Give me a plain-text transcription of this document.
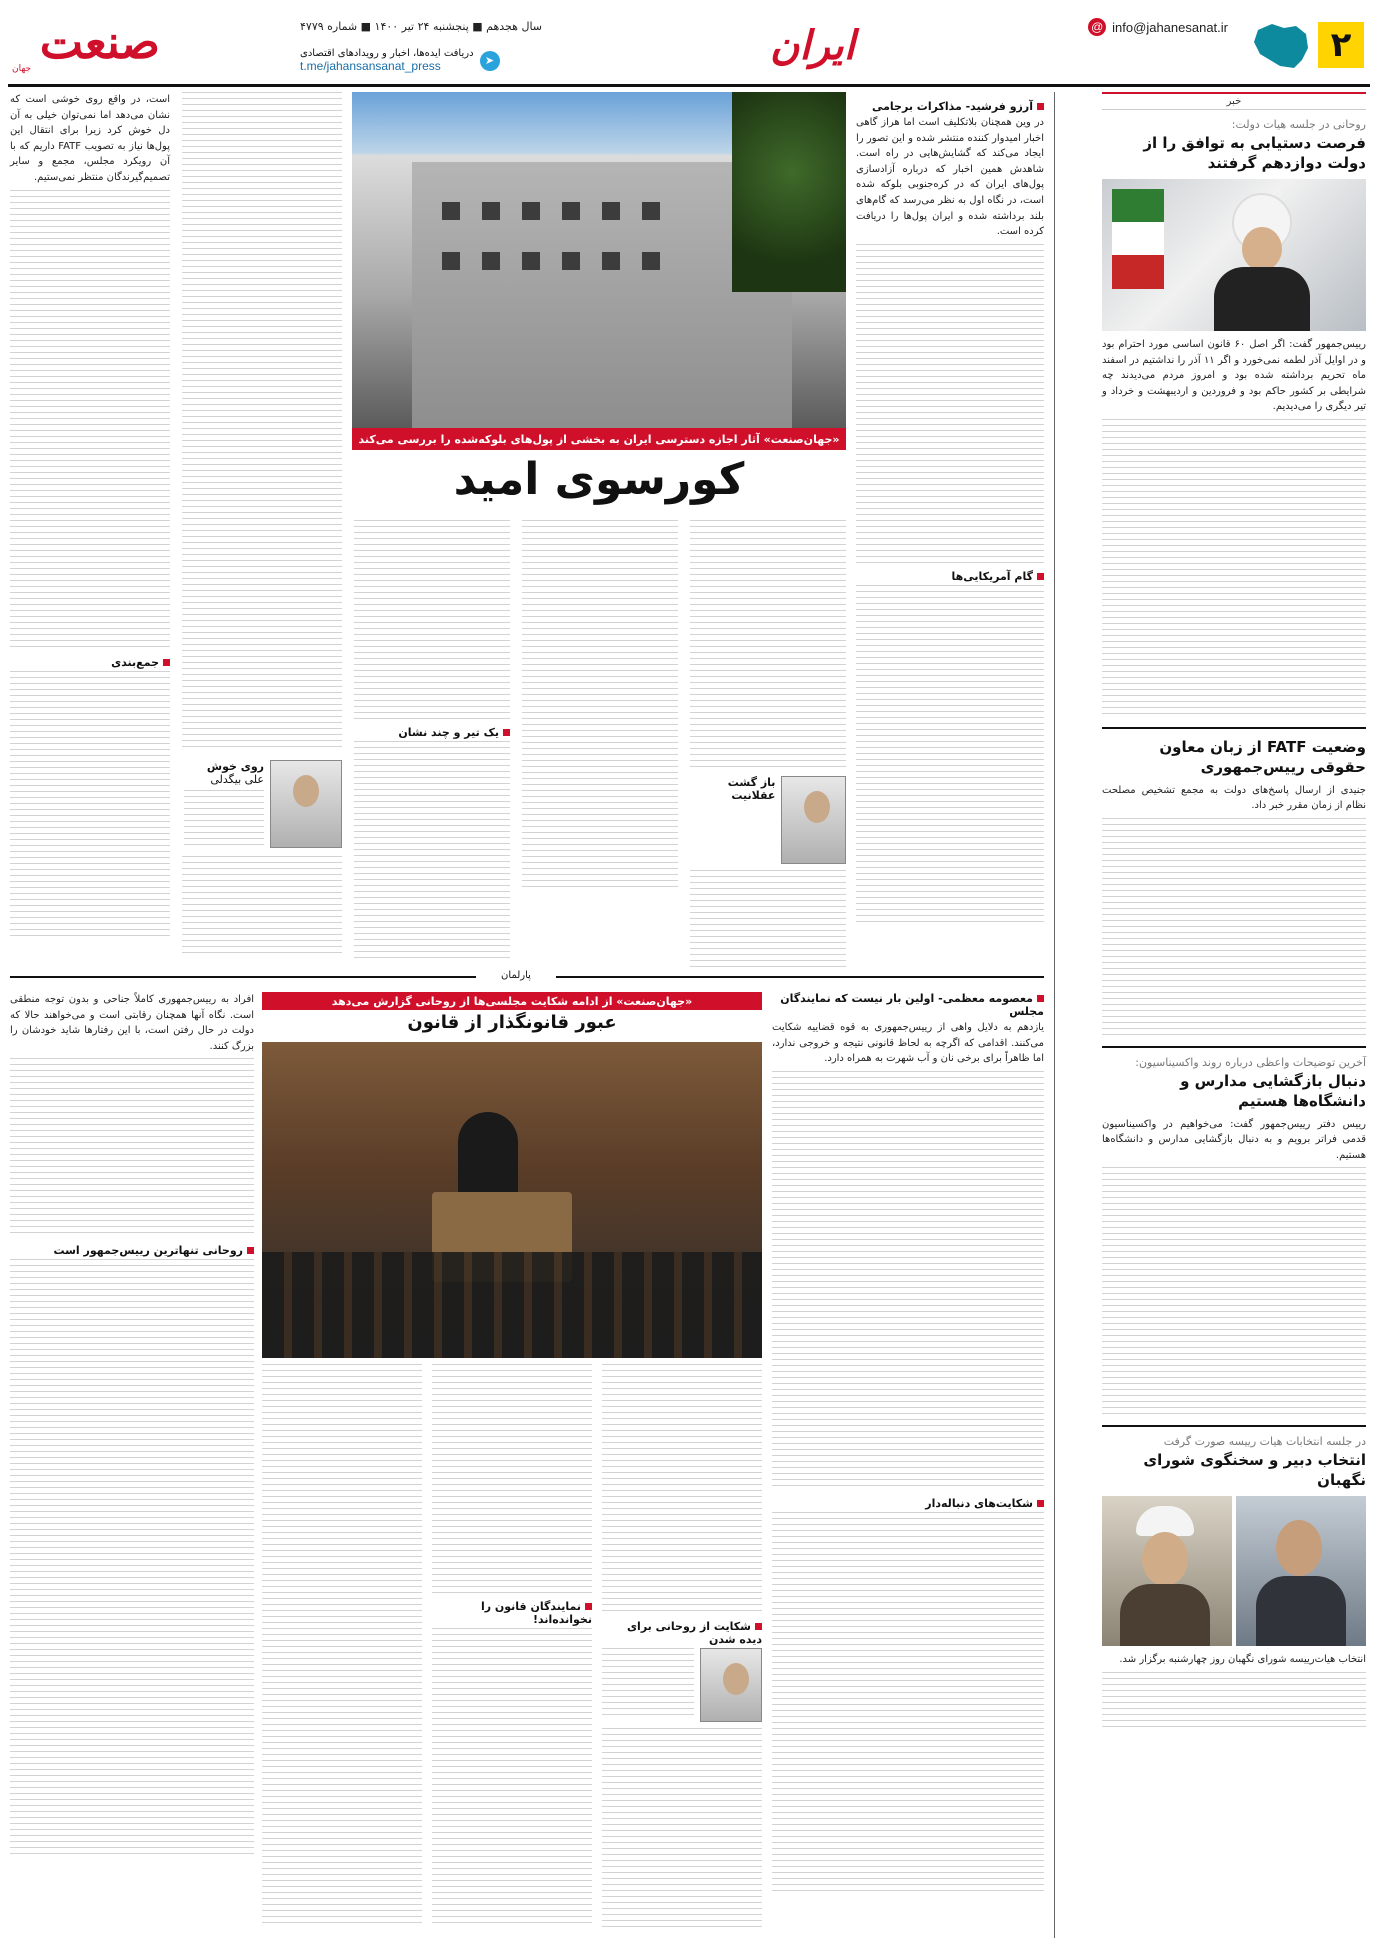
۲
@ info@jahanesanat.ir
ایران
سال هجدهم ■ پنجشنبه ۲۴ تیر ۱۴۰۰ ■ شماره ۴۷۷۹
➤
دریافت ایده‌ها، اخبار و رویدادهای اقتصادی
t.me/jahansansanat_press
صنعت
جهان
خبر
روحانی در جلسه هیات دولت:
فرصت دستیابی به توافق را از دولت دوازدهم گرفتند
رییس‌جمهور گفت: اگر اصل ۶۰ قانون اساسی مورد احترام بود و در اوایل آذر لطمه نمی‌خورد و اگر ۱۱ آذر را نداشتیم در اسفند ماه تحریم برداشته شده بود و امروز مردم می‌دیدند چه شرایطی بر کشور حاکم بود و فروردین و اردیبهشت و خرداد و تیر دیگری را می‌دیدیم.
وضعیت FATF از زبان معاون حقوقی رییس‌جمهوری
جنیدی از ارسال پاسخ‌های دولت به مجمع تشخیص مصلحت نظام از زمان مقرر خبر داد.
آخرین توضیحات واعظی درباره روند واکسیناسیون:
دنبال بازگشایی مدارس و دانشگاه‌ها هستیم
رییس دفتر رییس‌جمهور گفت: می‌خواهیم در واکسیناسیون قدمی فراتر برویم و به دنبال بازگشایی مدارس و دانشگاه‌ها هستیم.
در جلسه انتخابات هیات رییسه صورت گرفت
انتخاب دبیر و سخنگوی شورای نگهبان
انتخاب هیات‌رییسه شورای نگهبان روز چهارشنبه برگزار شد.
«جهان‌صنعت» آثار اجازه دسترسی ایران به بخشی از پول‌های بلوکه‌شده را بررسی می‌کند
کورسوی امید
آرزو فرشید- مذاکرات برجامی
در وین همچنان بلاتکلیف است اما هراز گاهی اخبار امیدوار کننده منتشر شده و این تصور را ایجاد می‌کند که گشایش‌هایی در راه است. شاهدش همین اخبار که درباره آزادسازی پول‌های ایران که در کره‌جنوبی بلوکه شده است، در نگاه اول به نظر می‌رسد که گام‌های بلند برداشته شده و ایران پول‌ها را دریافت کرده است.
گام آمریکایی‌ها
است، در واقع روی خوشی است که نشان می‌دهد اما نمی‌توان خیلی به آن دل خوش کرد زیرا برای انتقال این پول‌ها نیاز به تصویب FATF داریم که با آن رویکرد مجلس، مجمع و سایر تصمیم‌گیرندگان منتظر نمی‌ستیم.
جمع‌بندی
روی خوش
علی بیگدلی	باز گشت عقلانیت
یک تیر و چند نشان
پارلمان
«جهان‌صنعت» از ادامه شکایت مجلسی‌ها از روحانی گزارش می‌دهد
عبور قانونگذار از قانون
معصومه معظمی- اولین بار نیست که نمایندگان مجلس
یازدهم به دلایل واهی از رییس‌جمهوری به قوه قضاییه شکایت می‌کنند. اقدامی که اگرچه به لحاظ قانونی نتیجه و خروجی ندارد، اما ظاهراً برای برخی نان و آب شهرت به همراه دارد.
شکایت‌های دنباله‌دار
افراد به رییس‌جمهوری کاملاً جناحی و بدون توجه منطقی است. نگاه آنها همچنان رقابتی است و می‌خواهند حالا که دولت در حال رفتن است، با این رفتارها شاید خودشان را بزرگ کنند.
روحانی تنهاترین رییس‌جمهور است
شکایت از روحانی برای دیده شدن
نمایندگان قانون را نخوانده‌اند!
